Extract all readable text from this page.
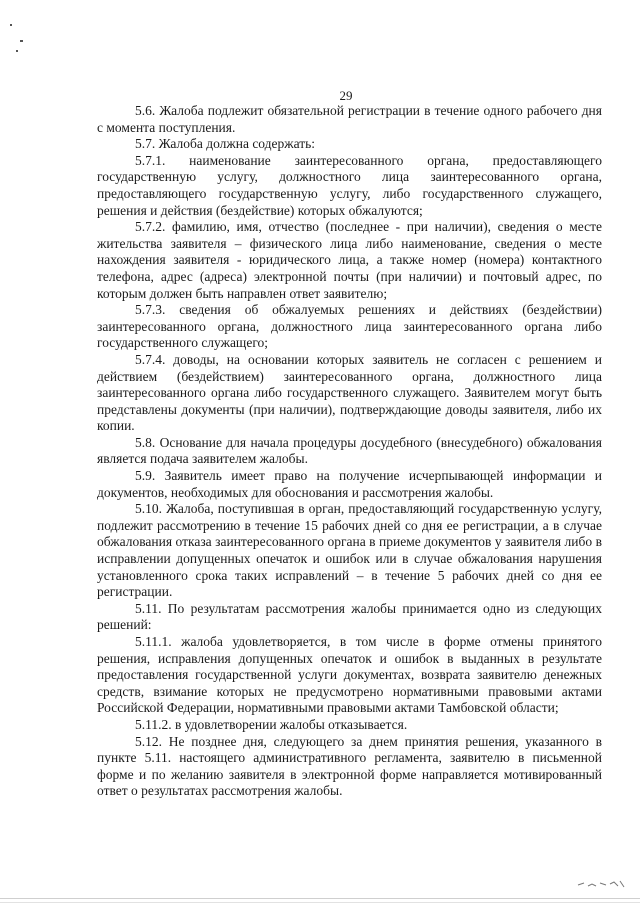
29

5.6. Жалоба подлежит обязательной регистрации в течение одного рабочего дня с момента поступления.

5.7. Жалоба должна содержать:

5.7.1. наименование заинтересованного органа, предоставляющего государственную услугу, должностного лица заинтересованного органа, предоставляющего государственную услугу, либо государственного служащего, решения и действия (бездействие) которых обжалуются;

5.7.2. фамилию, имя, отчество (последнее - при наличии), сведения о месте жительства заявителя – физического лица либо наименование, сведения о месте нахождения заявителя - юридического лица, а также номер (номера) контактного телефона, адрес (адреса) электронной почты (при наличии) и почтовый адрес, по которым должен быть направлен ответ заявителю;

5.7.3. сведения об обжалуемых решениях и действиях (бездействии) заинтересованного органа, должностного лица заинтересованного органа либо государственного служащего;

5.7.4. доводы, на основании которых заявитель не согласен с решением и действием (бездействием) заинтересованного органа, должностного лица заинтересованного органа либо государственного служащего. Заявителем могут быть представлены документы (при наличии), подтверждающие доводы заявителя, либо их копии.

5.8. Основание для начала процедуры досудебного (внесудебного) обжалования является подача заявителем жалобы.

5.9. Заявитель имеет право на получение исчерпывающей информации и документов, необходимых для обоснования и рассмотрения жалобы.

5.10. Жалоба, поступившая в орган, предоставляющий государственную услугу, подлежит рассмотрению в течение 15 рабочих дней со дня ее регистрации, а в случае обжалования отказа заинтересованного органа в приеме документов у заявителя либо в исправлении допущенных опечаток и ошибок или в случае обжалования нарушения установленного срока таких исправлений – в течение 5 рабочих дней со дня ее регистрации.

5.11. По результатам рассмотрения жалобы принимается одно из следующих решений:

5.11.1. жалоба удовлетворяется, в том числе в форме отмены принятого решения, исправления допущенных опечаток и ошибок в выданных в результате предоставления государственной услуги документах, возврата заявителю денежных средств, взимание которых не предусмотрено нормативными правовыми актами Российской Федерации, нормативными правовыми актами Тамбовской области;

5.11.2. в удовлетворении жалобы отказывается.

5.12. Не позднее дня, следующего за днем принятия решения, указанного в пункте 5.11. настоящего административного регламента, заявителю в письменной форме и по желанию заявителя в электронной форме направляется мотивированный ответ о результатах рассмотрения жалобы.
